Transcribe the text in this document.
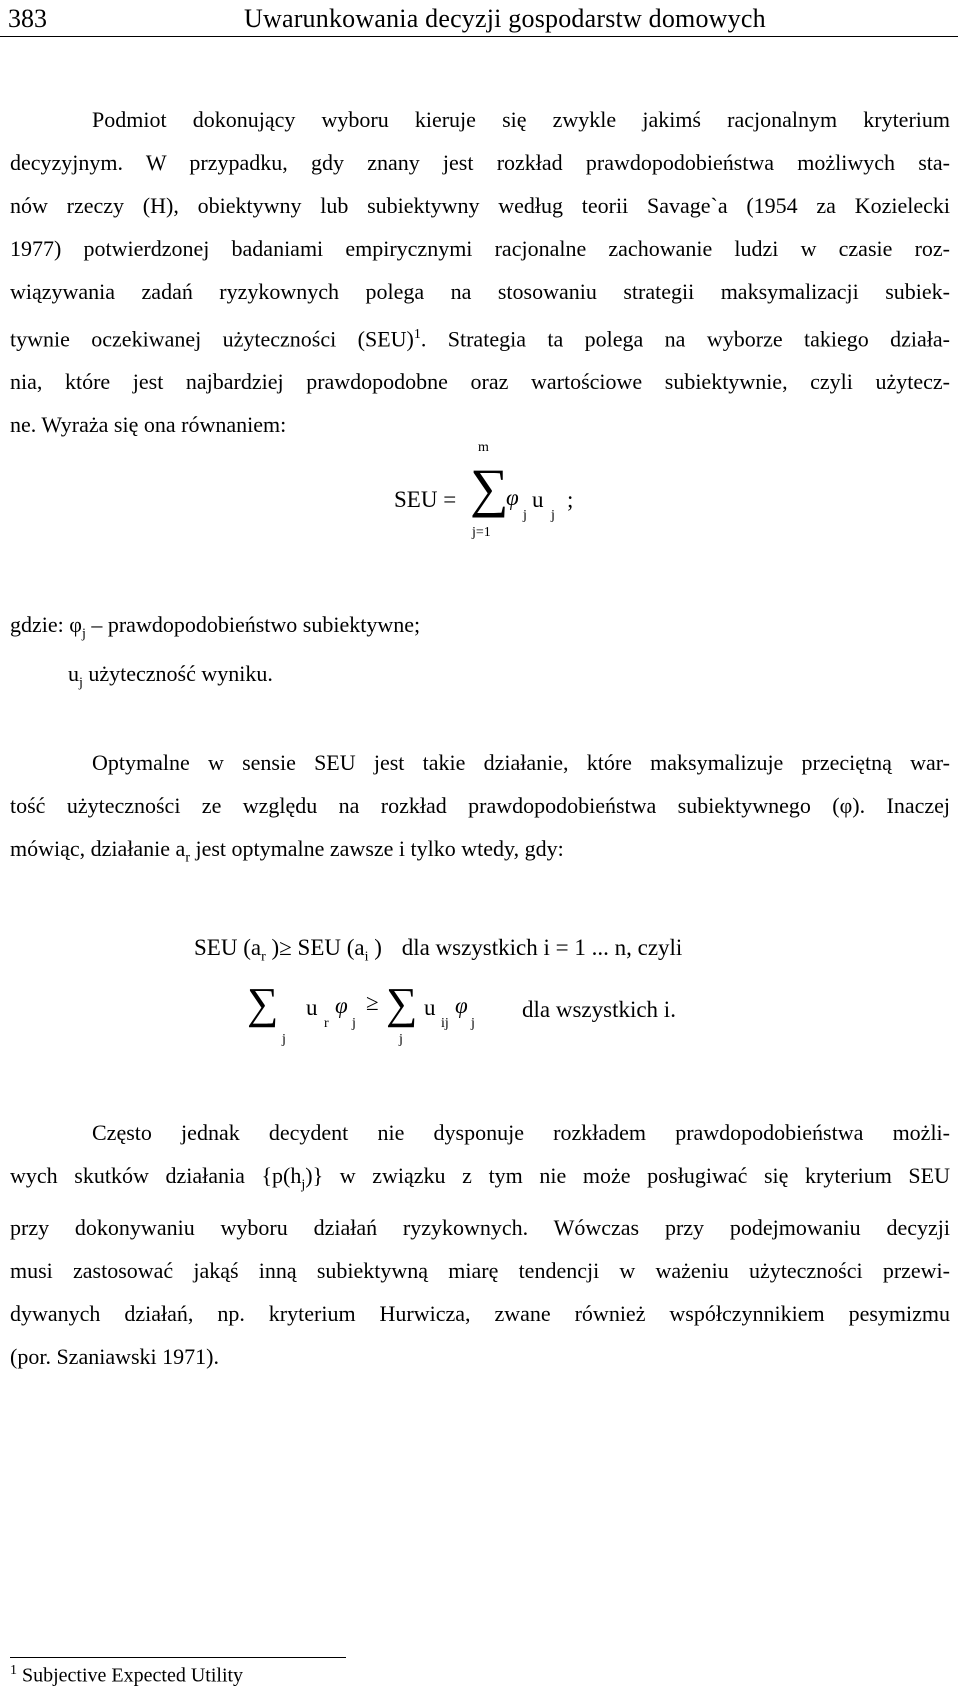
383	Uwarunkowania decyzji gospodarstw domowych
Podmiot dokonujący wyboru kieruje się zwykle jakimś racjonalnym kryterium
decyzyjnym. W przypadku, gdy znany jest rozkład prawdopodobieństwa możliwych sta-
nów rzeczy (H), obiektywny lub subiektywny według teorii Savage`a (1954 za Kozielecki
1977) potwierdzonej badaniami empirycznymi racjonalne zachowanie ludzi w czasie roz-
wiązywania zadań ryzykownych polega na stosowaniu strategii maksymalizacji subiek-
tywnie oczekiwanej użyteczności (SEU)$^1$. Strategia ta polega na wyborze takiego działa-
nia, które jest najbardziej prawdopodobne oraz wartościowe subiektywnie, czyli użytecz-
ne. Wyraża się ona równaniem:
SEU =
m
∑
j=1
φ
j
u
j
;
gdzie: $\varphi_j$ – prawdopodobieństwo subiektywne;
$u_j$ użyteczność wyniku.
Optymalne w sensie SEU jest takie działanie, które maksymalizuje przeciętną war-
tość użyteczności ze względu na rozkład prawdopodobieństwa subiektywnego (φ). Inaczej
mówiąc, działanie $a_r$ jest optymalne zawsze i tylko wtedy, gdy:
SEU ($a_r$ )≥ SEU ($a_i$ ) dla wszystkich i = 1 ... n, czyli
∑
j
u
r
φ
j
≥ ∑
j
u
ij
φ
j
dla wszystkich i.
Często jednak decydent nie dysponuje rozkładem prawdopodobieństwa możli-
wych skutków działania $\{p(h_j)\}$ w związku z tym nie może posługiwać się kryterium SEU
przy dokonywaniu wyboru działań ryzykownych. Wówczas przy podejmowaniu decyzji
musi zastosować jakąś inną subiektywną miarę tendencji w ważeniu użyteczności przewi-
dywanych działań, np. kryterium Hurwicza, zwane również współczynnikiem pesymizmu
(por. Szaniawski 1971).
$^1$ Subjective Expected Utility
